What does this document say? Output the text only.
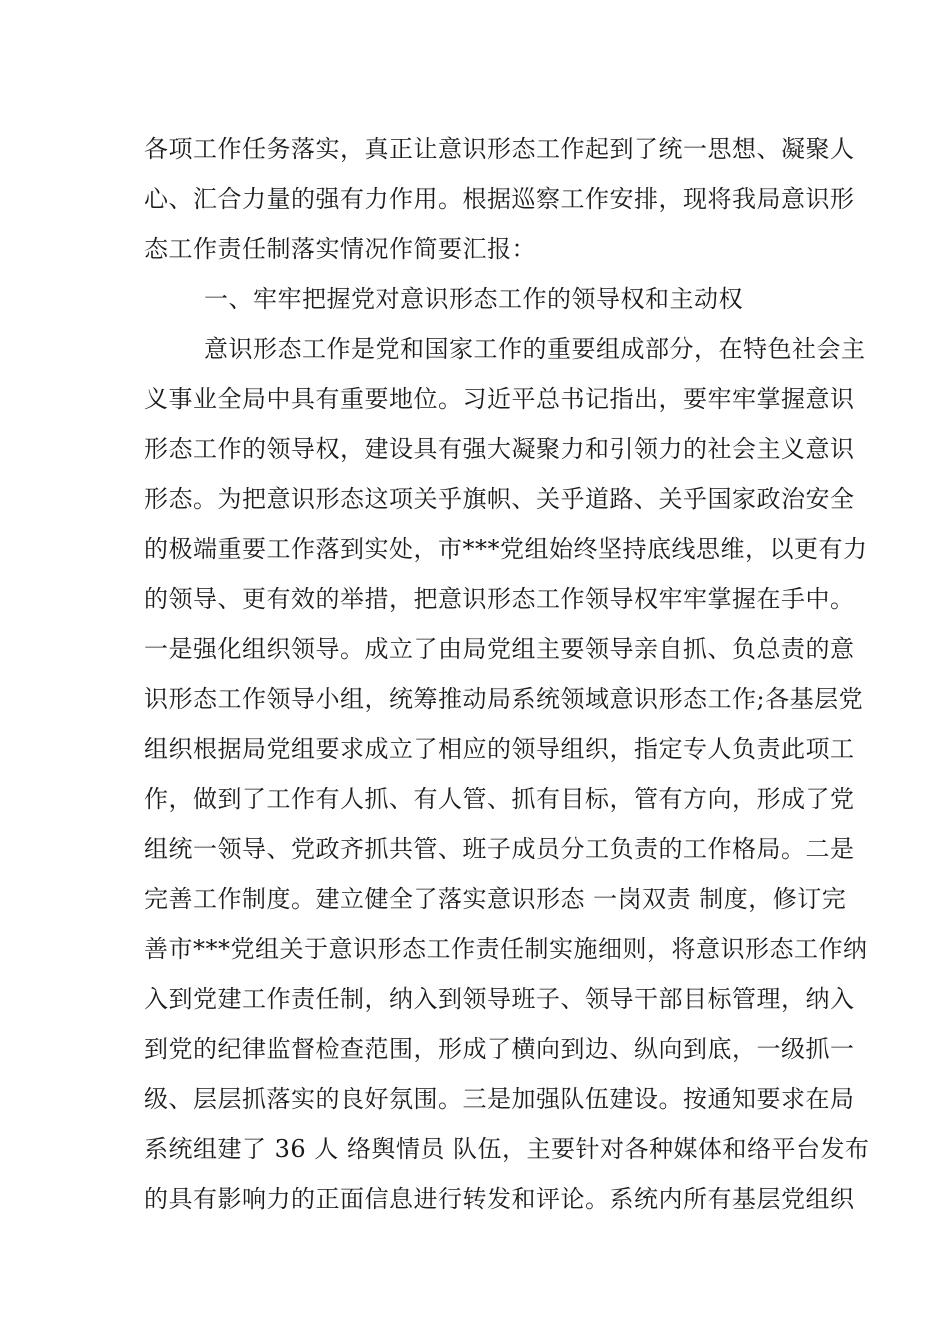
各项工作任务落实，真正让意识形态工作起到了统一思想、凝聚人
心、汇合力量的强有力作用。根据巡察工作安排，现将我局意识形
态工作责任制落实情况作简要汇报：
一、牢牢把握党对意识形态工作的领导权和主动权
意识形态工作是党和国家工作的重要组成部分，在特色社会主
义事业全局中具有重要地位。习近平总书记指出，要牢牢掌握意识
形态工作的领导权，建设具有强大凝聚力和引领力的社会主义意识
形态。为把意识形态这项关乎旗帜、关乎道路、关乎国家政治安全
的极端重要工作落到实处，市***党组始终坚持底线思维，以更有力
的领导、更有效的举措，把意识形态工作领导权牢牢掌握在手中。
一是强化组织领导。成立了由局党组主要领导亲自抓、负总责的意
识形态工作领导小组，统筹推动局系统领域意识形态工作;各基层党
组织根据局党组要求成立了相应的领导组织，指定专人负责此项工
作，做到了工作有人抓、有人管、抓有目标，管有方向，形成了党
组统一领导、党政齐抓共管、班子成员分工负责的工作格局。二是
完善工作制度。建立健全了落实意识形态 一岗双责 制度，修订完
善市***党组关于意识形态工作责任制实施细则，将意识形态工作纳
入到党建工作责任制，纳入到领导班子、领导干部目标管理，纳入
到党的纪律监督检查范围，形成了横向到边、纵向到底，一级抓一
级、层层抓落实的良好氛围。三是加强队伍建设。按通知要求在局
系统组建了 36 人 络舆情员 队伍，主要针对各种媒体和络平台发布
的具有影响力的正面信息进行转发和评论。系统内所有基层党组织
